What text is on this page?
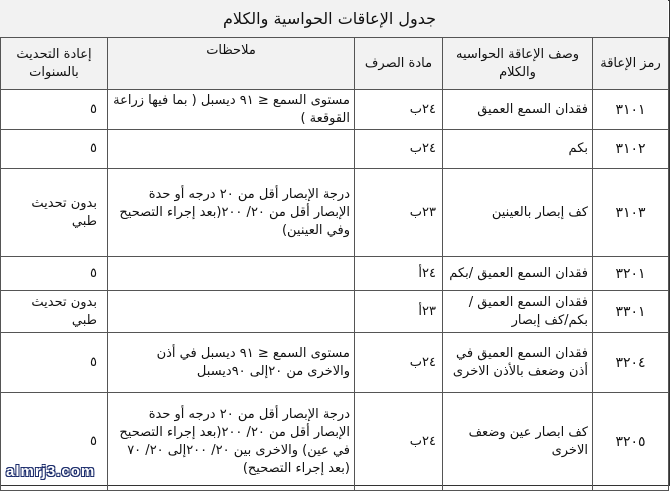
جدول الإعاقات الحواسية والكلام
رمز الإعاقة	وصف الإعاقة الحواسيه والكلام	مادة الصرف	ملاحظات	إعادة التحديث بالسنوات
٣١٠١	فقدان السمع العميق	٢٤ب	مستوى السمع ≤ ٩١ ديسبل ( بما فيها زراعة القوقعة )	٥
٣١٠٢	بكم	٢٤ب		٥
٣١٠٣	كف إبصار بالعينين	٢٣ب	درجة الإبصار أقل من ٢٠ درجه أو حدة الإبصار أقل من ٢٠/ ٢٠٠(بعد إجراء التصحيح وفي العينين)	بدون تحديث طبي
٣٢٠١	فقدان السمع العميق /بكم	٢٤أ		٥
٣٣٠١	فقدان السمع العميق /بكم/كف إبصار	٢٣أ		بدون تحديث طبي
٣٢٠٤	فقدان السمع العميق في أذن وضعف بالأذن الاخرى	٢٤ب	مستوى السمع ≤ ٩١ ديسبل في أذن والاخرى من ٢٠إلى ٩٠ديسبل	٥
٣٢٠٥	كف ابصار عين وضعف الاخرى	٢٤ب	درجة الإبصار أقل من ٢٠ درجه أو حدة الإبصار أقل من ٢٠/ ٢٠٠(بعد إجراء التصحيح في عين) والاخرى بين ٢٠/ ٢٠٠إلى ٢٠/ ٧٠ (بعد إجراء التصحيح)	٥
almrj3.com
